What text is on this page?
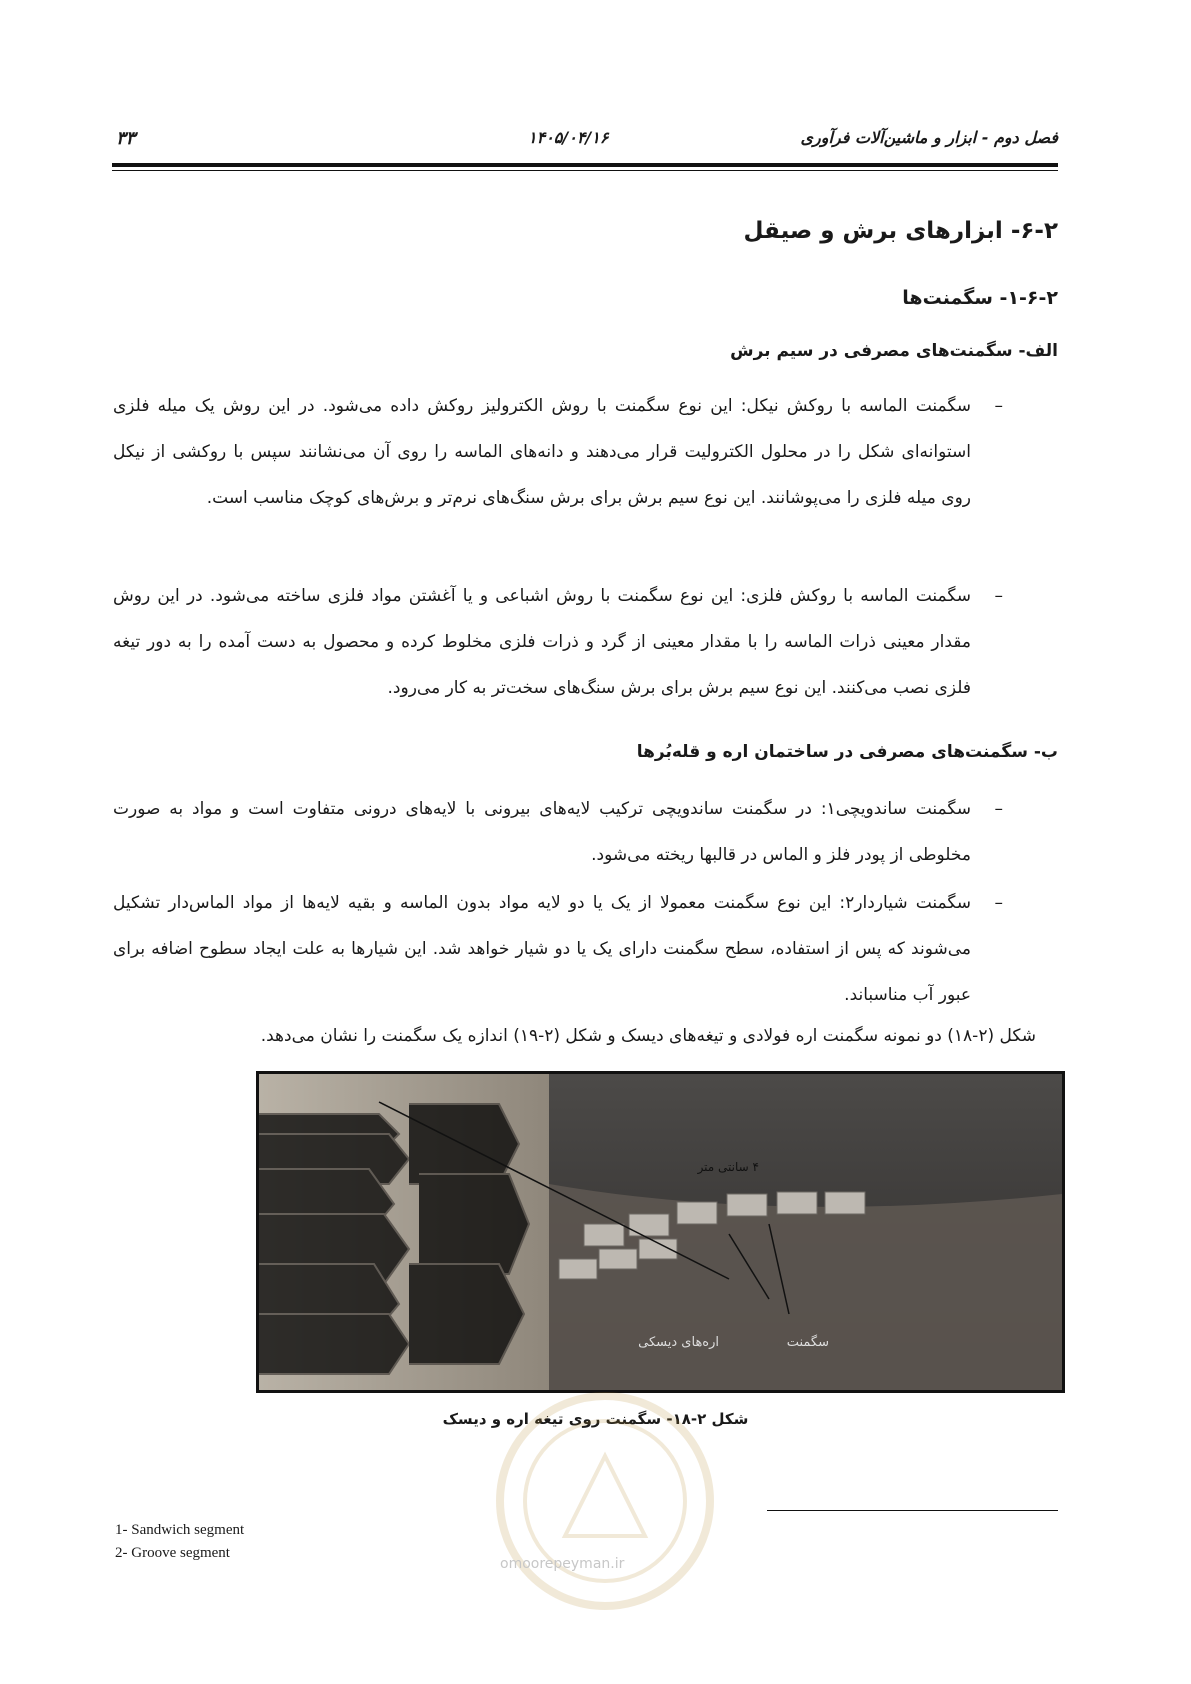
فصل دوم - ابزار و ماشین‌آلات فرآوری
۱۴۰۵/۰۴/۱۶
۳۳
۶-۲- ابزارهای برش و صیقل
۱-۶-۲- سگمنت‌ها
الف- سگمنت‌های مصرفی در سیم برش
–
سگمنت الماسه با روکش نیکل: این نوع سگمنت با روش الکترولیز روکش داده می‌شود. در این روش یک میله فلزی استوانه‌ای شکل را در محلول الکترولیت قرار می‌دهند و دانه‌های الماسه را روی آن می‌نشانند سپس با روکشی از نیکل روی میله فلزی را می‌پوشانند. این نوع سیم برش برای برش سنگ‌های نرم‌تر و برش‌های کوچک مناسب است.
–
سگمنت الماسه با روکش فلزی: این نوع سگمنت با روش اشباعی و یا آغشتن مواد فلزی ساخته می‌شود. در این روش مقدار معینی ذرات الماسه را با مقدار معینی از گرد و ذرات فلزی مخلوط کرده و محصول به دست آمده را به دور تیغه فلزی نصب می‌کنند. این نوع سیم برش برای برش سنگ‌های سخت‌تر به کار می‌رود.
ب- سگمنت‌های مصرفی در ساختمان اره و قله‌بُرها
–
سگمنت ساندویچی۱: در سگمنت ساندویچی ترکیب لایه‌های بیرونی با لایه‌های درونی متفاوت است و مواد به صورت مخلوطی از پودر فلز و الماس در قالبها ریخته می‌شود.
–
سگمنت شیاردار۲: این نوع سگمنت معمولا از یک یا دو لایه مواد بدون الماسه و بقیه لایه‌ها از مواد الماس‌دار تشکیل می‌شوند که پس از استفاده، سطح سگمنت دارای یک یا دو شیار خواهد شد. این شیارها به علت ایجاد سطوح اضافه برای عبور آب مناسباند.
شکل (۲-۱۸) دو نمونه سگمنت اره فولادی و تیغه‌های دیسک و شکل (۲-۱۹) اندازه یک سگمنت را نشان می‌دهد.
۴ سانتی متر
اره‌های دیسکی	سگمنت
شکل ۲-۱۸- سگمنت روی تیغه اره و دیسک
omoorepeyman.ir
1- Sandwich segment
2- Groove segment
